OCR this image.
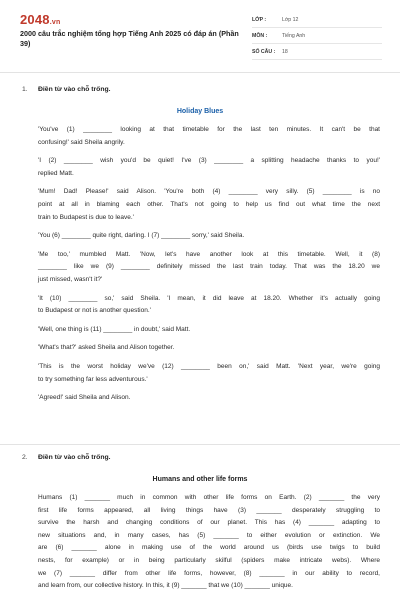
2048.vn
2000 câu trắc nghiệm tổng hợp Tiếng Anh 2025 có đáp án (Phần 39)
LỚP :	Lớp 12
MÔN :	Tiếng Anh
SỐ CÂU :	18
1. Điền từ vào chỗ trống.
Holiday Blues
'You've (1) ________ looking at that timetable for the last ten minutes. It can't be that
confusing!' said Sheila angrily.
'I (2) ________ wish you'd be quiet! I've (3) ________ a splitting headache thanks to you!'
replied Matt.
'Mum! Dad! Please!' said Alison. 'You're both (4) ________ very silly. (5) ________ is no
point at all in blaming each other. That's not going to help us find out what time the next
train to Budapest is due to leave.'
'You (6) ________ quite right, darling. I (7) ________ sorry,' said Sheila.
'Me too,' mumbled Matt. 'Now, let's have another look at this timetable. Well, it (8)
________ like we (9) ________ definitely missed the last train today. That was the 18.20 we
just missed, wasn't it?'
'It (10) ________ so,' said Sheila. 'I mean, it did leave at 18.20. Whether it's actually going
to Budapest or not is another question.'
'Well, one thing is (11) ________ in doubt,' said Matt.
'What's that?' asked Sheila and Alison together.
'This is the worst holiday we've (12) ________ been on,' said Matt. 'Next year, we're going
to try something far less adventurous.'
'Agreed!' said Sheila and Alison.
2. Điền từ vào chỗ trống.
Humans and other life forms
Humans (1) _______ much in common with other life forms on Earth. (2) _______ the very
first life forms appeared, all living things have (3) _______ desperately struggling to
survive the harsh and changing conditions of our planet. This has (4) _______ adapting to
new situations and, in many cases, has (5) _______ to either evolution or extinction. We
are (6) _______ alone in making use of the world around us (birds use twigs to build
nests, for example) or in being particularly skilful (spiders make intricate webs). Where
we (7) _______ differ from other life forms, however, (8) _______ in our ability to record,
and learn from, our collective history. In this, it (9) _______ that we (10) _______ unique.
